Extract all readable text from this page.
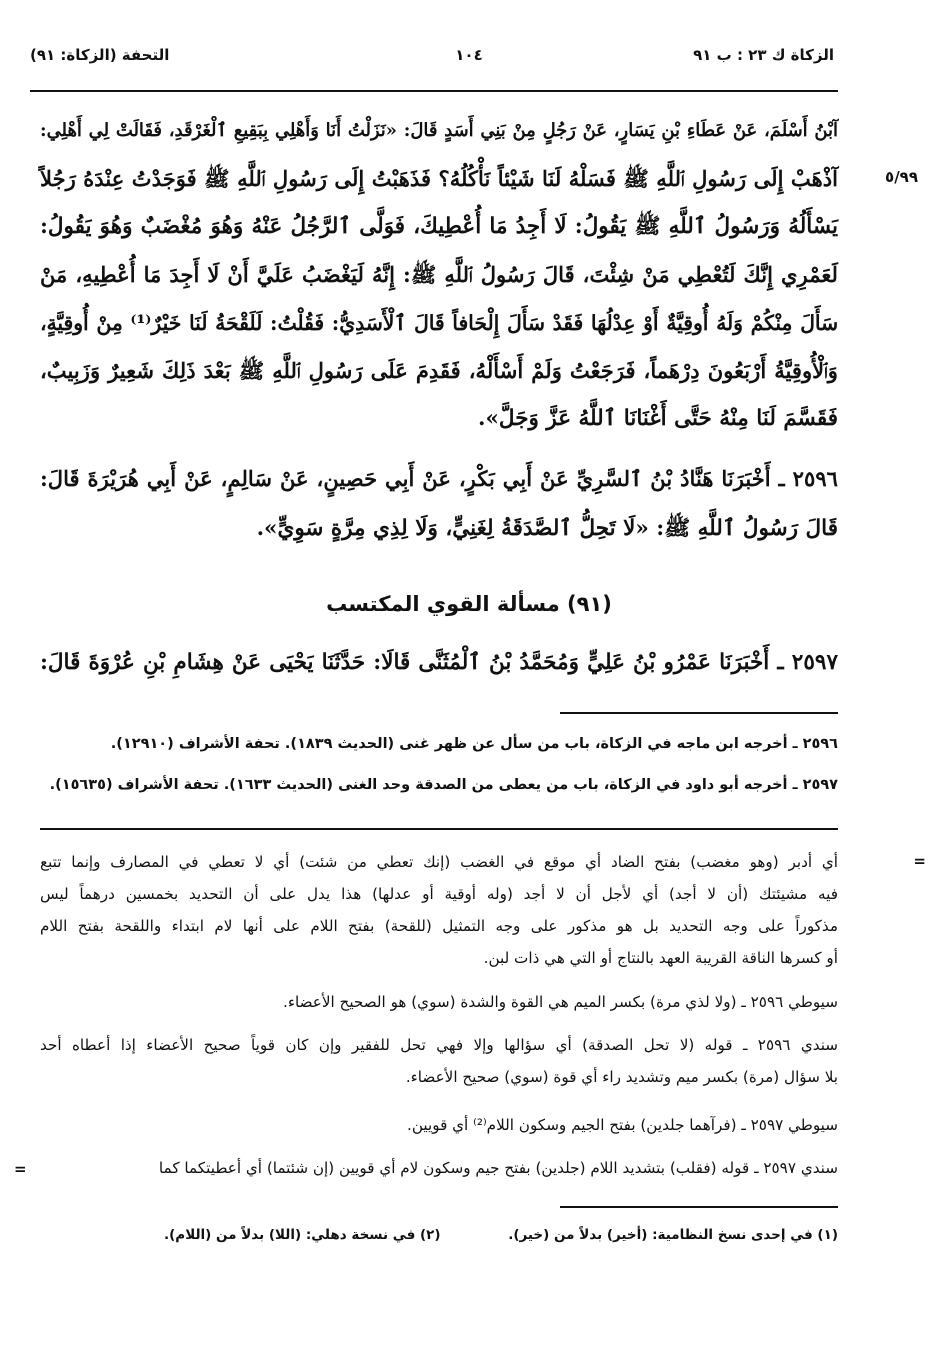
الزكاة ك ٢٣ : ب ٩١
١٠٤
التحفة (الزكاة: ٩١)
٥/٩٩
آبْنُ أَسْلَمَ، عَنْ عَطَاءِ بْنِ يَسَارٍ، عَنْ رَجُلٍ مِنْ بَنِي أَسَدٍ قَالَ: «نَزَلْتُ أَنَا وَأَهْلِي بِبَقِيعِ ٱلْغَرْقَدِ، فَقَالَتْ لِي أَهْلِي:
آذْهَبْ إِلَى رَسُولِ ٱللَّهِ ﷺ فَسَلْهُ لَنَا شَيْئاً نَأْكُلُهُ؟ فَذَهَبْتُ إِلَى رَسُولِ ٱللَّهِ ﷺ فَوَجَدْتُ عِنْدَهُ رَجُلاً
يَسْأَلُهُ وَرَسُولُ ٱللَّهِ ﷺ يَقُولُ: لَا أَجِدُ مَا أُعْطِيكَ، فَوَلَّى ٱلرَّجُلُ عَنْهُ وَهُوَ مُغْضَبٌ وَهُوَ يَقُولُ:
لَعَمْرِي إِنَّكَ لَتُعْطِي مَنْ شِئْتَ، قَالَ رَسُولُ ٱللَّهِ ﷺ: إِنَّهُ لَيَغْضَبُ عَلَيَّ أَنْ لَا أَجِدَ مَا أُعْطِيهِ، مَنْ
سَأَلَ مِنْكُمْ وَلَهُ أُوقِيَّةٌ أَوْ عِدْلُهَا فَقَدْ سَأَلَ إِلْحَافاً قَالَ ٱلْأَسَدِيُّ: فَقُلْتُ: لَلَقْحَةُ لَنَا خَيْرٌ⁽¹⁾ مِنْ أُوقِيَّةٍ،
وَٱلْأُوقِيَّةُ أَرْبَعُونَ دِرْهَماً، فَرَجَعْتُ وَلَمْ أَسْأَلْهُ، فَقَدِمَ عَلَى رَسُولِ ٱللَّهِ ﷺ بَعْدَ ذَلِكَ شَعِيرٌ وَزَبِيبٌ،
فَقَسَّمَ لَنَا مِنْهُ حَتَّى أَغْنَانَا ٱللَّهُ عَزَّ وَجَلَّ».
٢٥٩٦ ـ أَخْبَرَنَا هَنَّادُ بْنُ ٱلسَّرِيِّ عَنْ أَبِي بَكْرٍ، عَنْ أَبِي حَصِينٍ، عَنْ سَالِمٍ، عَنْ أَبِي هُرَيْرَةَ قَالَ:
قَالَ رَسُولُ ٱللَّهِ ﷺ: «لَا تَحِلُّ ٱلصَّدَقَةُ لِغَنِيٍّ، وَلَا لِذِي مِرَّةٍ سَوِيٍّ».
(٩١) مسألة القوي المكتسب
٢٥٩٧ ـ أَخْبَرَنَا عَمْرُو بْنُ عَلِيٍّ وَمُحَمَّدُ بْنُ ٱلْمُثَنَّى قَالَا: حَدَّثَنَا يَحْيَى عَنْ هِشَامِ بْنِ عُرْوَةَ قَالَ:
٢٥٩٦ ـ أخرجه ابن ماجه في الزكاة، باب من سأل عن ظهر غنى (الحديث ١٨٣٩). تحفة الأشراف (١٢٩١٠).
٢٥٩٧ ـ أخرجه أبو داود في الزكاة، باب من يعطى من الصدقة وحد الغنى (الحديث ١٦٣٣). تحفة الأشراف (١٥٦٣٥).
=
أي أدبر (وهو مغضب) بفتح الضاد أي موقع في الغضب (إنك تعطي من شئت) أي لا تعطي في المصارف وإنما تتبع
فيه مشيئتك (أن لا أجد) أي لأجل أن لا أجد (وله أوقية أو عدلها) هذا يدل على أن التحديد بخمسين درهماً ليس
مذكوراً على وجه التحديد بل هو مذكور على وجه التمثيل (للقحة) بفتح اللام على أنها لام ابتداء واللقحة بفتح اللام
أو كسرها الناقة القريبة العهد بالنتاج أو التي هي ذات لبن.
سيوطي ٢٥٩٦ ـ (ولا لذي مرة) بكسر الميم هي القوة والشدة (سوي) هو الصحيح الأعضاء.
سندي ٢٥٩٦ ـ قوله (لا تحل الصدقة) أي سؤالها وإلا فهي تحل للفقير وإن كان قوياً صحيح الأعضاء إذا أعطاه أحد
بلا سؤال (مرة) بكسر ميم وتشديد راء أي قوة (سوي) صحيح الأعضاء.
سيوطي ٢٥٩٧ ـ (فرآهما جلدين) بفتح الجيم وسكون اللام⁽²⁾ أي قويين.
سندي ٢٥٩٧ ـ قوله (فقلب) بتشديد اللام (جلدين) بفتح جيم وسكون لام أي قويين (إن شئتما) أي أعطيتكما كما
=
(١) في إحدى نسخ النظامية: (أخير) بدلاً من (خير).
(٢) في نسخة دهلي: (اللا) بدلاً من (اللام).
